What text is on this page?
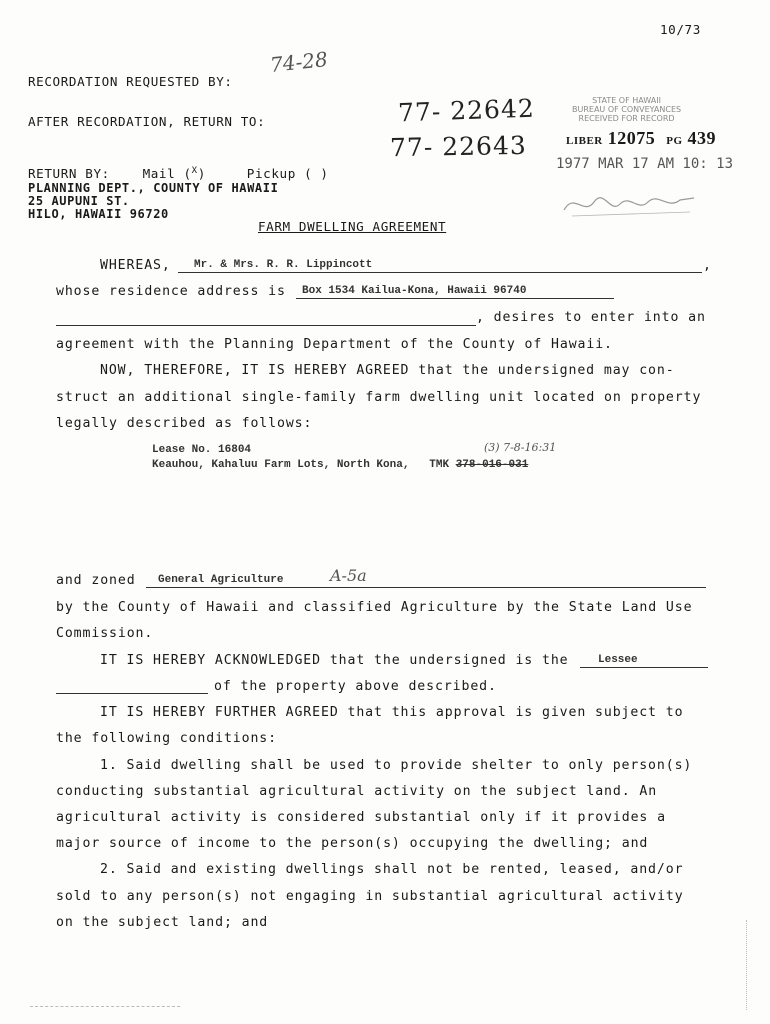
10/73
74-28
RECORDATION REQUESTED BY:
AFTER RECORDATION, RETURN TO:
RETURN BY:	Mail ($^X$)	Pickup ( )
PLANNING DEPT., COUNTY OF HAWAII
25 AUPUNI ST.
HILO, HAWAII 96720
77- 22642
77- 22643
STATE OF HAWAII
BUREAU OF CONVEYANCES
RECEIVED FOR RECORD
LIBER 12075 PG 439
1977 MAR 17 AM 10: 13
FARM DWELLING AGREEMENT
WHEREAS, Mr. & Mrs. R. R. Lippincott	,
whose residence address is Box 1534 Kailua-Kona, Hawaii 96740
, desires to enter into an
agreement with the Planning Department of the County of Hawaii.
NOW, THEREFORE, IT IS HEREBY AGREED that the undersigned may con-
struct an additional single-family farm dwelling unit located on property
legally described as follows:
Lease No. 16804
Keauhou, Kahaluu Farm Lots, North Kona, TMK 378-016-031
(3) 7-8-16:31
and zoned General Agriculture	A-5a
by the County of Hawaii and classified Agriculture by the State Land Use
Commission.
IT IS HEREBY ACKNOWLEDGED that the undersigned is the	Lessee
of the property above described.
IT IS HEREBY FURTHER AGREED that this approval is given subject to
the following conditions:
1. Said dwelling shall be used to provide shelter to only person(s)
conducting substantial agricultural activity on the subject land. An
agricultural activity is considered substantial only if it provides a
major source of income to the person(s) occupying the dwelling; and
2. Said and existing dwellings shall not be rented, leased, and/or
sold to any person(s) not engaging in substantial agricultural activity
on the subject land; and
